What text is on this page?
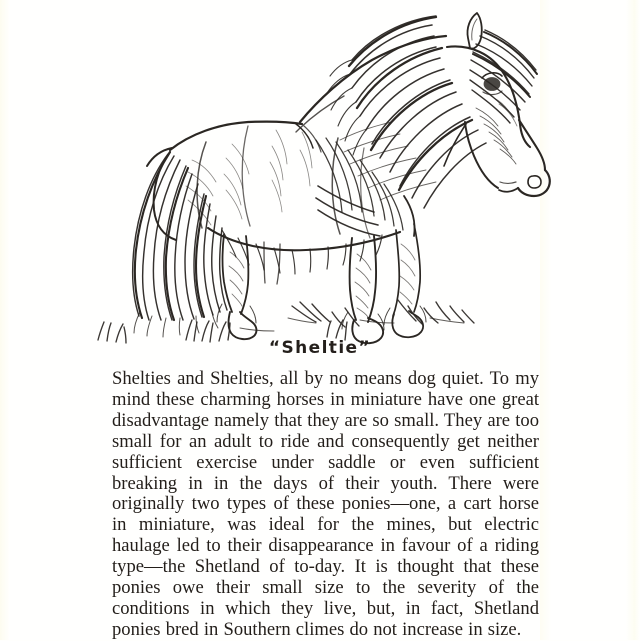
“Sheltie”
Shelties and Shelties, all by no means dog quiet. To my mind these charming horses in miniature have one great disadvantage namely that they are so small. They are too small for an adult to ride and consequently get neither sufficient exercise under saddle or even sufficient breaking in in the days of their youth. There were originally two types of these ponies—one, a cart horse in miniature, was ideal for the mines, but electric haulage led to their disappearance in favour of a riding type—the Shetland of to-day. It is thought that these ponies owe their small size to the severity of the conditions in which they live, but, in fact, Shetland ponies bred in Southern climes do not increase in size.
